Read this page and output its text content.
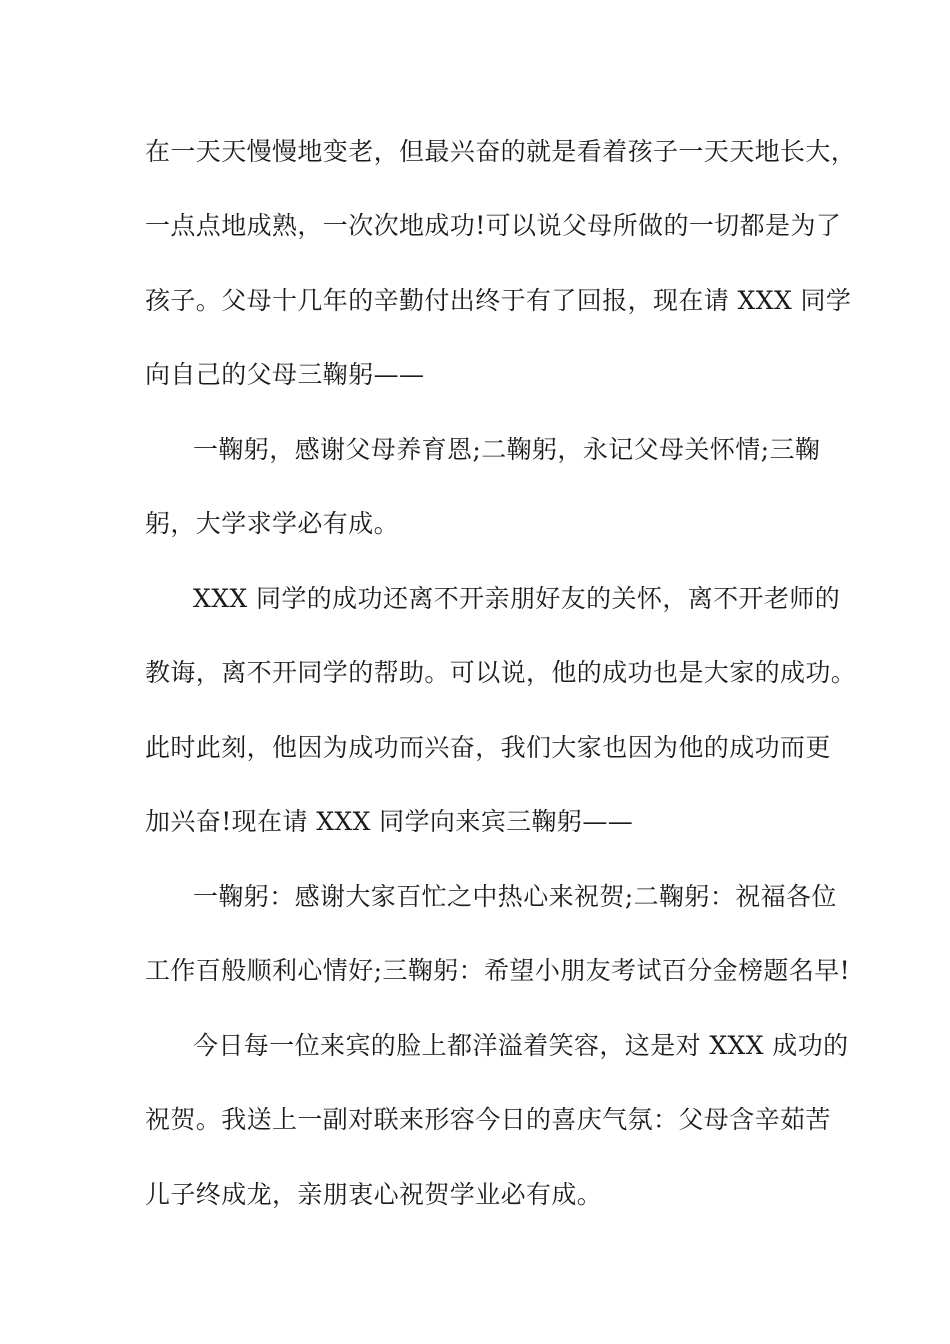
在一天天慢慢地变老，但最兴奋的就是看着孩子一天天地长大，
一点点地成熟，一次次地成功!可以说父母所做的一切都是为了
孩子。父母十几年的辛勤付出终于有了回报，现在请 XXX 同学
向自己的父母三鞠躬——
一鞠躬，感谢父母养育恩;二鞠躬，永记父母关怀情;三鞠
躬，大学求学必有成。
XXX 同学的成功还离不开亲朋好友的关怀，离不开老师的
教诲，离不开同学的帮助。可以说，他的成功也是大家的成功。
此时此刻，他因为成功而兴奋，我们大家也因为他的成功而更
加兴奋!现在请 XXX 同学向来宾三鞠躬——
一鞠躬：感谢大家百忙之中热心来祝贺;二鞠躬：祝福各位
工作百般顺利心情好;三鞠躬：希望小朋友考试百分金榜题名早!
今日每一位来宾的脸上都洋溢着笑容，这是对 XXX 成功的
祝贺。我送上一副对联来形容今日的喜庆气氛：父母含辛茹苦
儿子终成龙，亲朋衷心祝贺学业必有成。
